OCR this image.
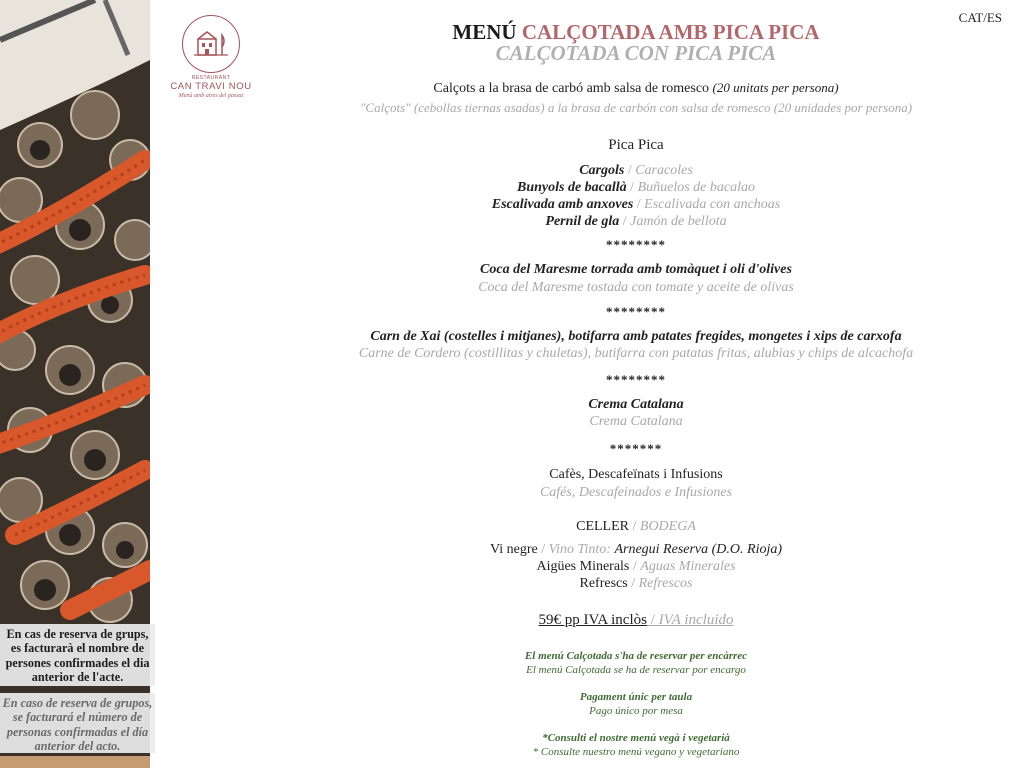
En cas de reserva de grups, es facturarà el nombre de persones confirmades el dia anterior de l'acte.
En caso de reserva de grupos, se facturará el número de personas confirmadas el día anterior del acto.
RESTAURANT
CAN TRAVI NOU
Menú amb aires del passat
CAT/ES
MENÚ CALÇOTADA AMB PICA PICA
CALÇOTADA CON PICA PICA
Calçots a la brasa de carbó amb salsa de romesco (20 unitats per persona)
"Calçots" (cebollas tiernas asadas) a la brasa de carbón con salsa de romesco (20 unidades por persona)
Pica Pica
Cargols / Caracoles
Bunyols de bacallà / Buñuelos de bacalao
Escalivada amb anxoves / Escalivada con anchoas
Pernil de gla / Jamón de bellota
********
Coca del Maresme torrada amb tomàquet i oli d'olives
Coca del Maresme tostada con tomate y aceite de olivas
********
Carn de Xai (costelles i mitjanes), botifarra amb patates fregides, mongetes i xips de carxofa
Carne de Cordero (costillitas y chuletas), butifarra con patatas fritas, alubias y chips de alcachofa
********
Crema Catalana
Crema Catalana
*******
Cafès, Descafeïnats i Infusions
Cafés, Descafeinados e Infusiones
CELLER / BODEGA
Vi negre / Vino Tinto: Arnegui Reserva (D.O. Rioja)
Aigües Minerals / Aguas Minerales
Refrescs / Refrescos
59€ pp IVA inclòs / IVA incluido
El menú Calçotada s'ha de reservar per encàrrec
El menú Calçotada se ha de reservar por encargo
Pagament únic per taula
Pago único por mesa
*Consulti el nostre menú vegà i vegetarià
* Consulte nuestro menú vegano y vegetariano
